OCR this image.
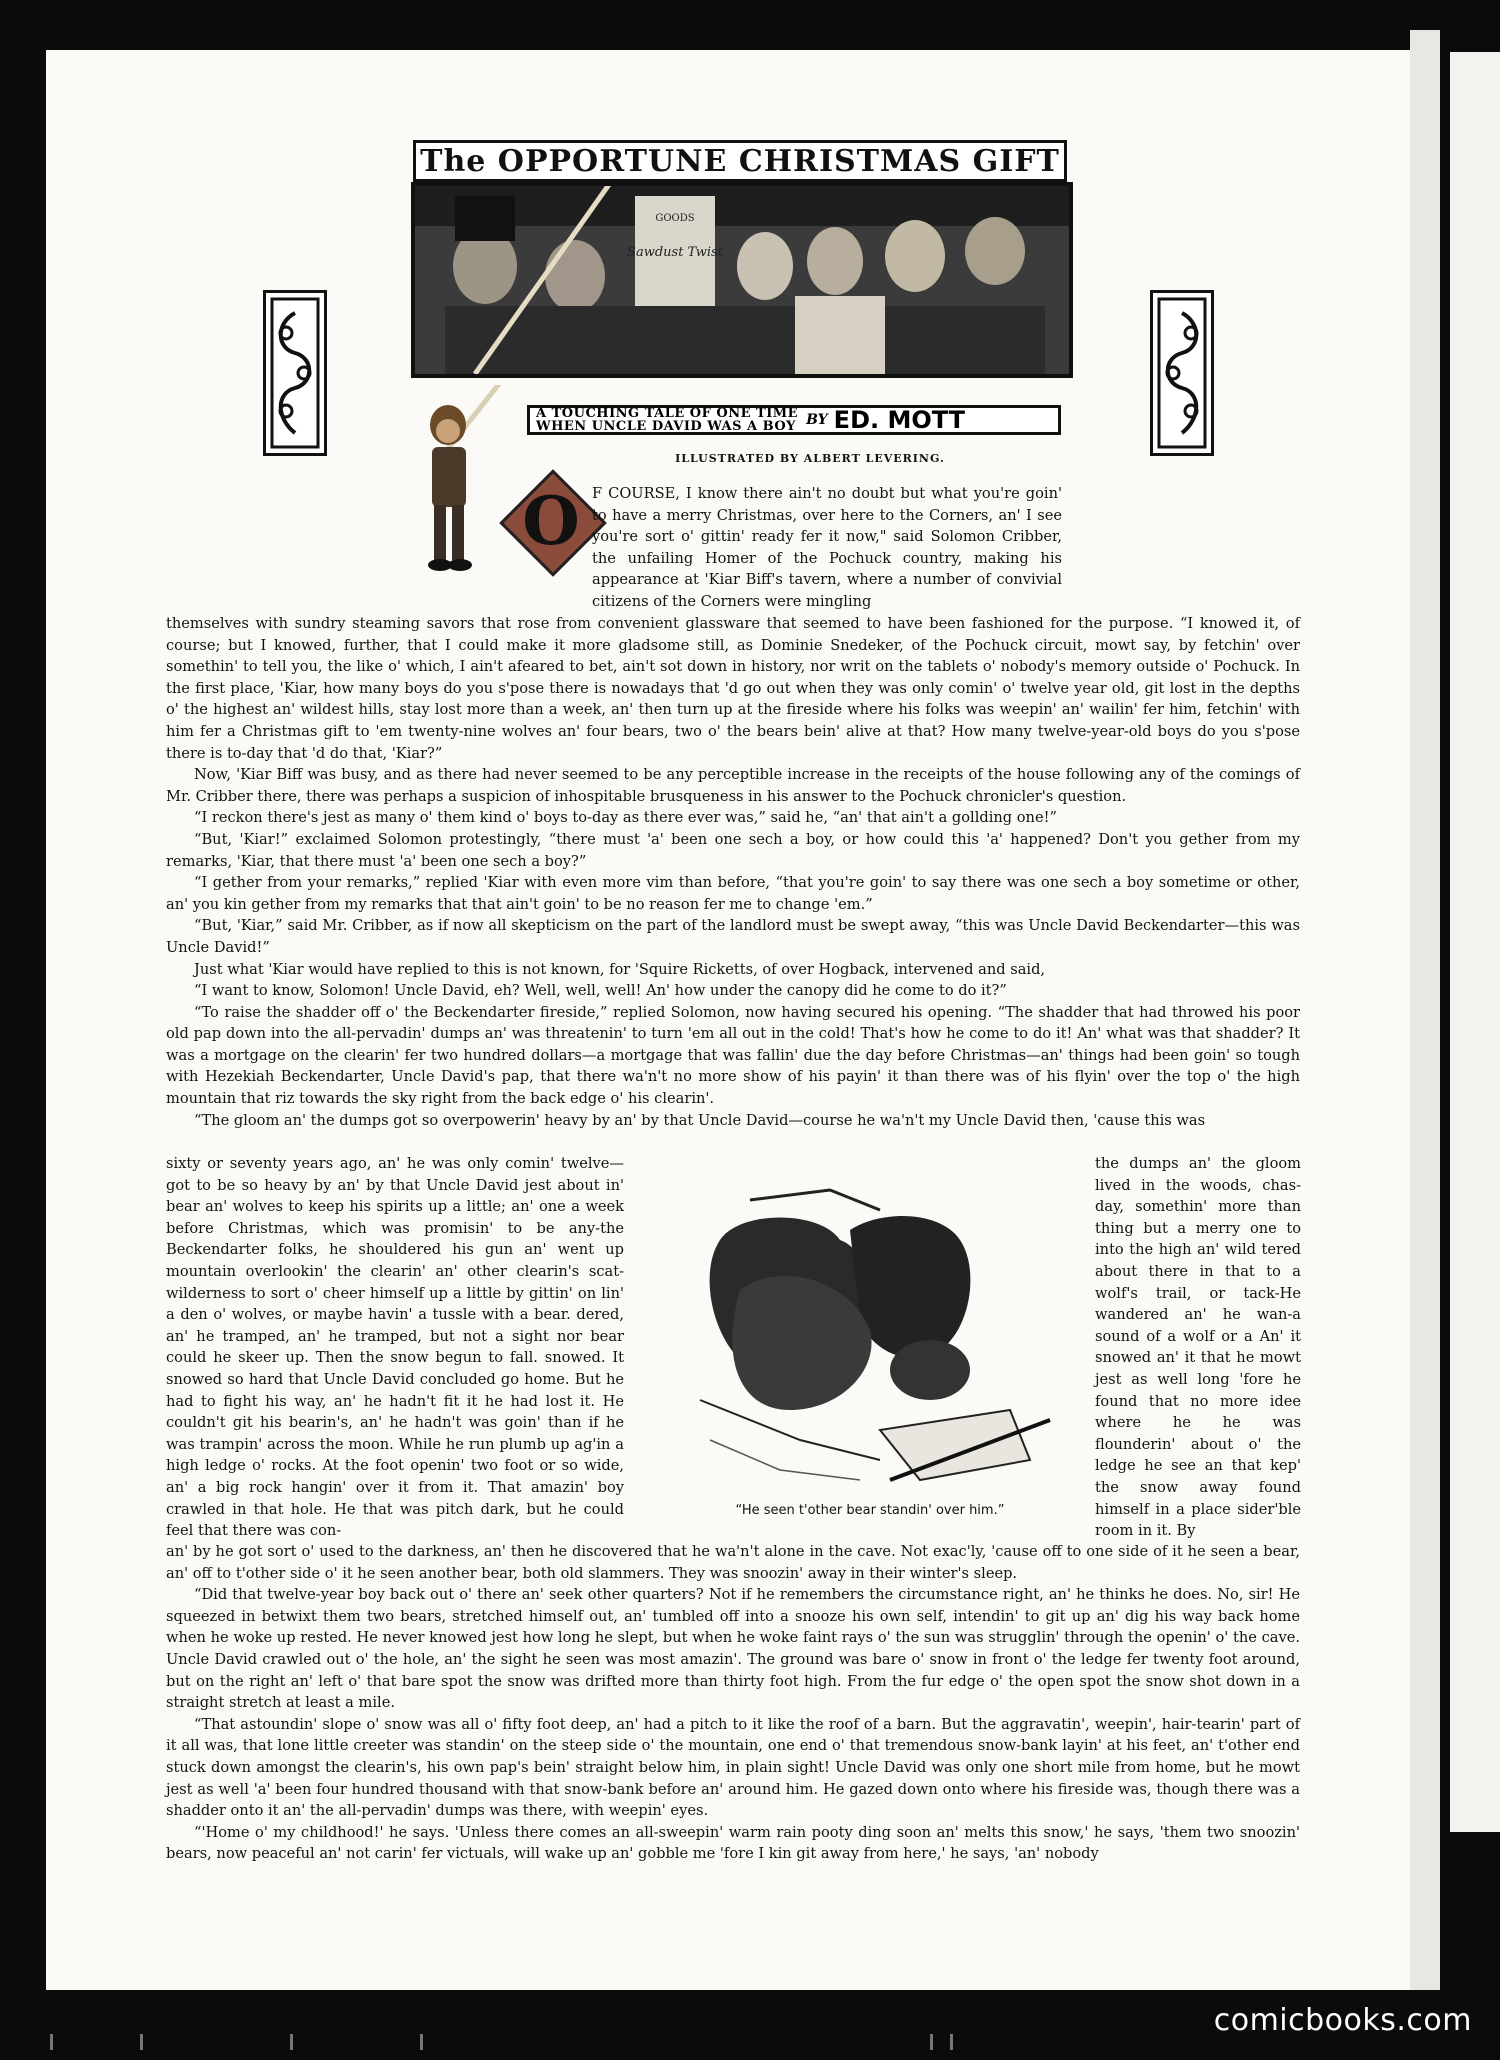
The OPPORTUNE CHRISTMAS GIFT
GOODS
Sawdust Twist
A TOUCHING TALE OF ONE TIME
WHEN UNCLE DAVID WAS A BOY BY ED. MOTT
O
ILLUSTRATED BY ALBERT LEVERING.

F COURSE, I know there ain't no doubt but what you're goin' to have a merry Christmas, over here to the Corners, an' I see you're sort o' gittin' ready fer it now," said Solomon Cribber, the unfailing Homer of the Pochuck country, making his appearance at 'Kiar Biff's tavern, where a number of convivial citizens of the Corners were mingling

themselves with sundry steaming savors that rose from convenient glassware that seemed to have been fashioned for the purpose. “I knowed it, of course; but I knowed, further, that I could make it more gladsome still, as Dominie Snedeker, of the Pochuck circuit, mowt say, by fetchin' over somethin' to tell you, the like o' which, I ain't afeared to bet, ain't sot down in history, nor writ on the tablets o' nobody's memory outside o' Pochuck. In the first place, 'Kiar, how many boys do you s'pose there is nowadays that 'd go out when they was only comin' o' twelve year old, git lost in the depths o' the highest an' wildest hills, stay lost more than a week, an' then turn up at the fireside where his folks was weepin' an' wailin' fer him, fetchin' with him fer a Christmas gift to 'em twenty-nine wolves an' four bears, two o' the bears bein' alive at that? How many twelve-year-old boys do you s'pose there is to-day that 'd do that, 'Kiar?”

Now, 'Kiar Biff was busy, and as there had never seemed to be any perceptible increase in the receipts of the house following any of the comings of Mr. Cribber there, there was perhaps a suspicion of inhospitable brusqueness in his answer to the Pochuck chronicler's question.

“I reckon there's jest as many o' them kind o' boys to-day as there ever was,” said he, “an' that ain't a gollding one!”

“But, 'Kiar!” exclaimed Solomon protestingly, “there must 'a' been one sech a boy, or how could this 'a' happened? Don't you gether from my remarks, 'Kiar, that there must 'a' been one sech a boy?”

“I gether from your remarks,” replied 'Kiar with even more vim than before, “that you're goin' to say there was one sech a boy sometime or other, an' you kin gether from my remarks that that ain't goin' to be no reason fer me to change 'em.”

“But, 'Kiar,” said Mr. Cribber, as if now all skepticism on the part of the landlord must be swept away, “this was Uncle David Beckendarter—this was Uncle David!”

Just what 'Kiar would have replied to this is not known, for 'Squire Ricketts, of over Hogback, intervened and said,

“I want to know, Solomon! Uncle David, eh? Well, well, well! An' how under the canopy did he come to do it?”

“To raise the shadder off o' the Beckendarter fireside,” replied Solomon, now having secured his opening. “The shadder that had throwed his poor old pap down into the all-pervadin' dumps an' was threatenin' to turn 'em all out in the cold! That's how he come to do it! An' what was that shadder? It was a mortgage on the clearin' fer two hundred dollars—a mortgage that was fallin' due the day before Christmas—an' things had been goin' so tough with Hezekiah Beckendarter, Uncle David's pap, that there wa'n't no more show of his payin' it than there was of his flyin' over the top o' the high mountain that riz towards the sky right from the back edge o' his clearin'.

“The gloom an' the dumps got so overpowerin' heavy by an' by that Uncle David—course he wa'n't my Uncle David then, 'cause this was

sixty or seventy years ago, an' he was only comin' twelve—got to be so heavy by an' by that Uncle David jest about in' bear an' wolves to keep his spirits up a little; an' one a week before Christmas, which was promisin' to be any-the Beckendarter folks, he shouldered his gun an' went up mountain overlookin' the clearin' an' other clearin's scat-wilderness to sort o' cheer himself up a little by gittin' on lin' a den o' wolves, or maybe havin' a tussle with a bear. dered, an' he tramped, an' he tramped, but not a sight nor bear could he skeer up. Then the snow begun to fall. snowed. It snowed so hard that Uncle David concluded go home. But he had to fight his way, an' he hadn't fit it he had lost it. He couldn't git his bearin's, an' he hadn't was goin' than if he was trampin' across the moon. While he run plumb up ag'in a high ledge o' rocks. At the foot openin' two foot or so wide, an' a big rock hangin' over it from it. That amazin' boy crawled in that hole. He that was pitch dark, but he could feel that there was con-

“He seen t'other bear standin' over him.”

the dumps an' the gloom lived in the woods, chas-day, somethin' more than thing but a merry one to into the high an' wild tered about there in that to a wolf's trail, or tack-He wandered an' he wan-a sound of a wolf or a An' it snowed an' it that he mowt jest as well long 'fore he found that no more idee where he he was flounderin' about o' the ledge he see an that kep' the snow away found himself in a place sider'ble room in it. By

an' by he got sort o' used to the darkness, an' then he discovered that he wa'n't alone in the cave. Not exac'ly, 'cause off to one side of it he seen a bear, an' off to t'other side o' it he seen another bear, both old slammers. They was snoozin' away in their winter's sleep.

“Did that twelve-year boy back out o' there an' seek other quarters? Not if he remembers the circumstance right, an' he thinks he does. No, sir! He squeezed in betwixt them two bears, stretched himself out, an' tumbled off into a snooze his own self, intendin' to git up an' dig his way back home when he woke up rested. He never knowed jest how long he slept, but when he woke faint rays o' the sun was strugglin' through the openin' o' the cave. Uncle David crawled out o' the hole, an' the sight he seen was most amazin'. The ground was bare o' snow in front o' the ledge fer twenty foot around, but on the right an' left o' that bare spot the snow was drifted more than thirty foot high. From the fur edge o' the open spot the snow shot down in a straight stretch at least a mile.

“That astoundin' slope o' snow was all o' fifty foot deep, an' had a pitch to it like the roof of a barn. But the aggravatin', weepin', hair-tearin' part of it all was, that lone little creeter was standin' on the steep side o' the mountain, one end o' that tremendous snow-bank layin' at his feet, an' t'other end stuck down amongst the clearin's, his own pap's bein' straight below him, in plain sight! Uncle David was only one short mile from home, but he mowt jest as well 'a' been four hundred thousand with that snow-bank before an' around him. He gazed down onto where his fireside was, though there was a shadder onto it an' the all-pervadin' dumps was there, with weepin' eyes.

“'Home o' my childhood!' he says. 'Unless there comes an all-sweepin' warm rain pooty ding soon an' melts this snow,' he says, 'them two snoozin' bears, now peaceful an' not carin' fer victuals, will wake up an' gobble me 'fore I kin git away from here,' he says, 'an' nobody

comicbooks.com
